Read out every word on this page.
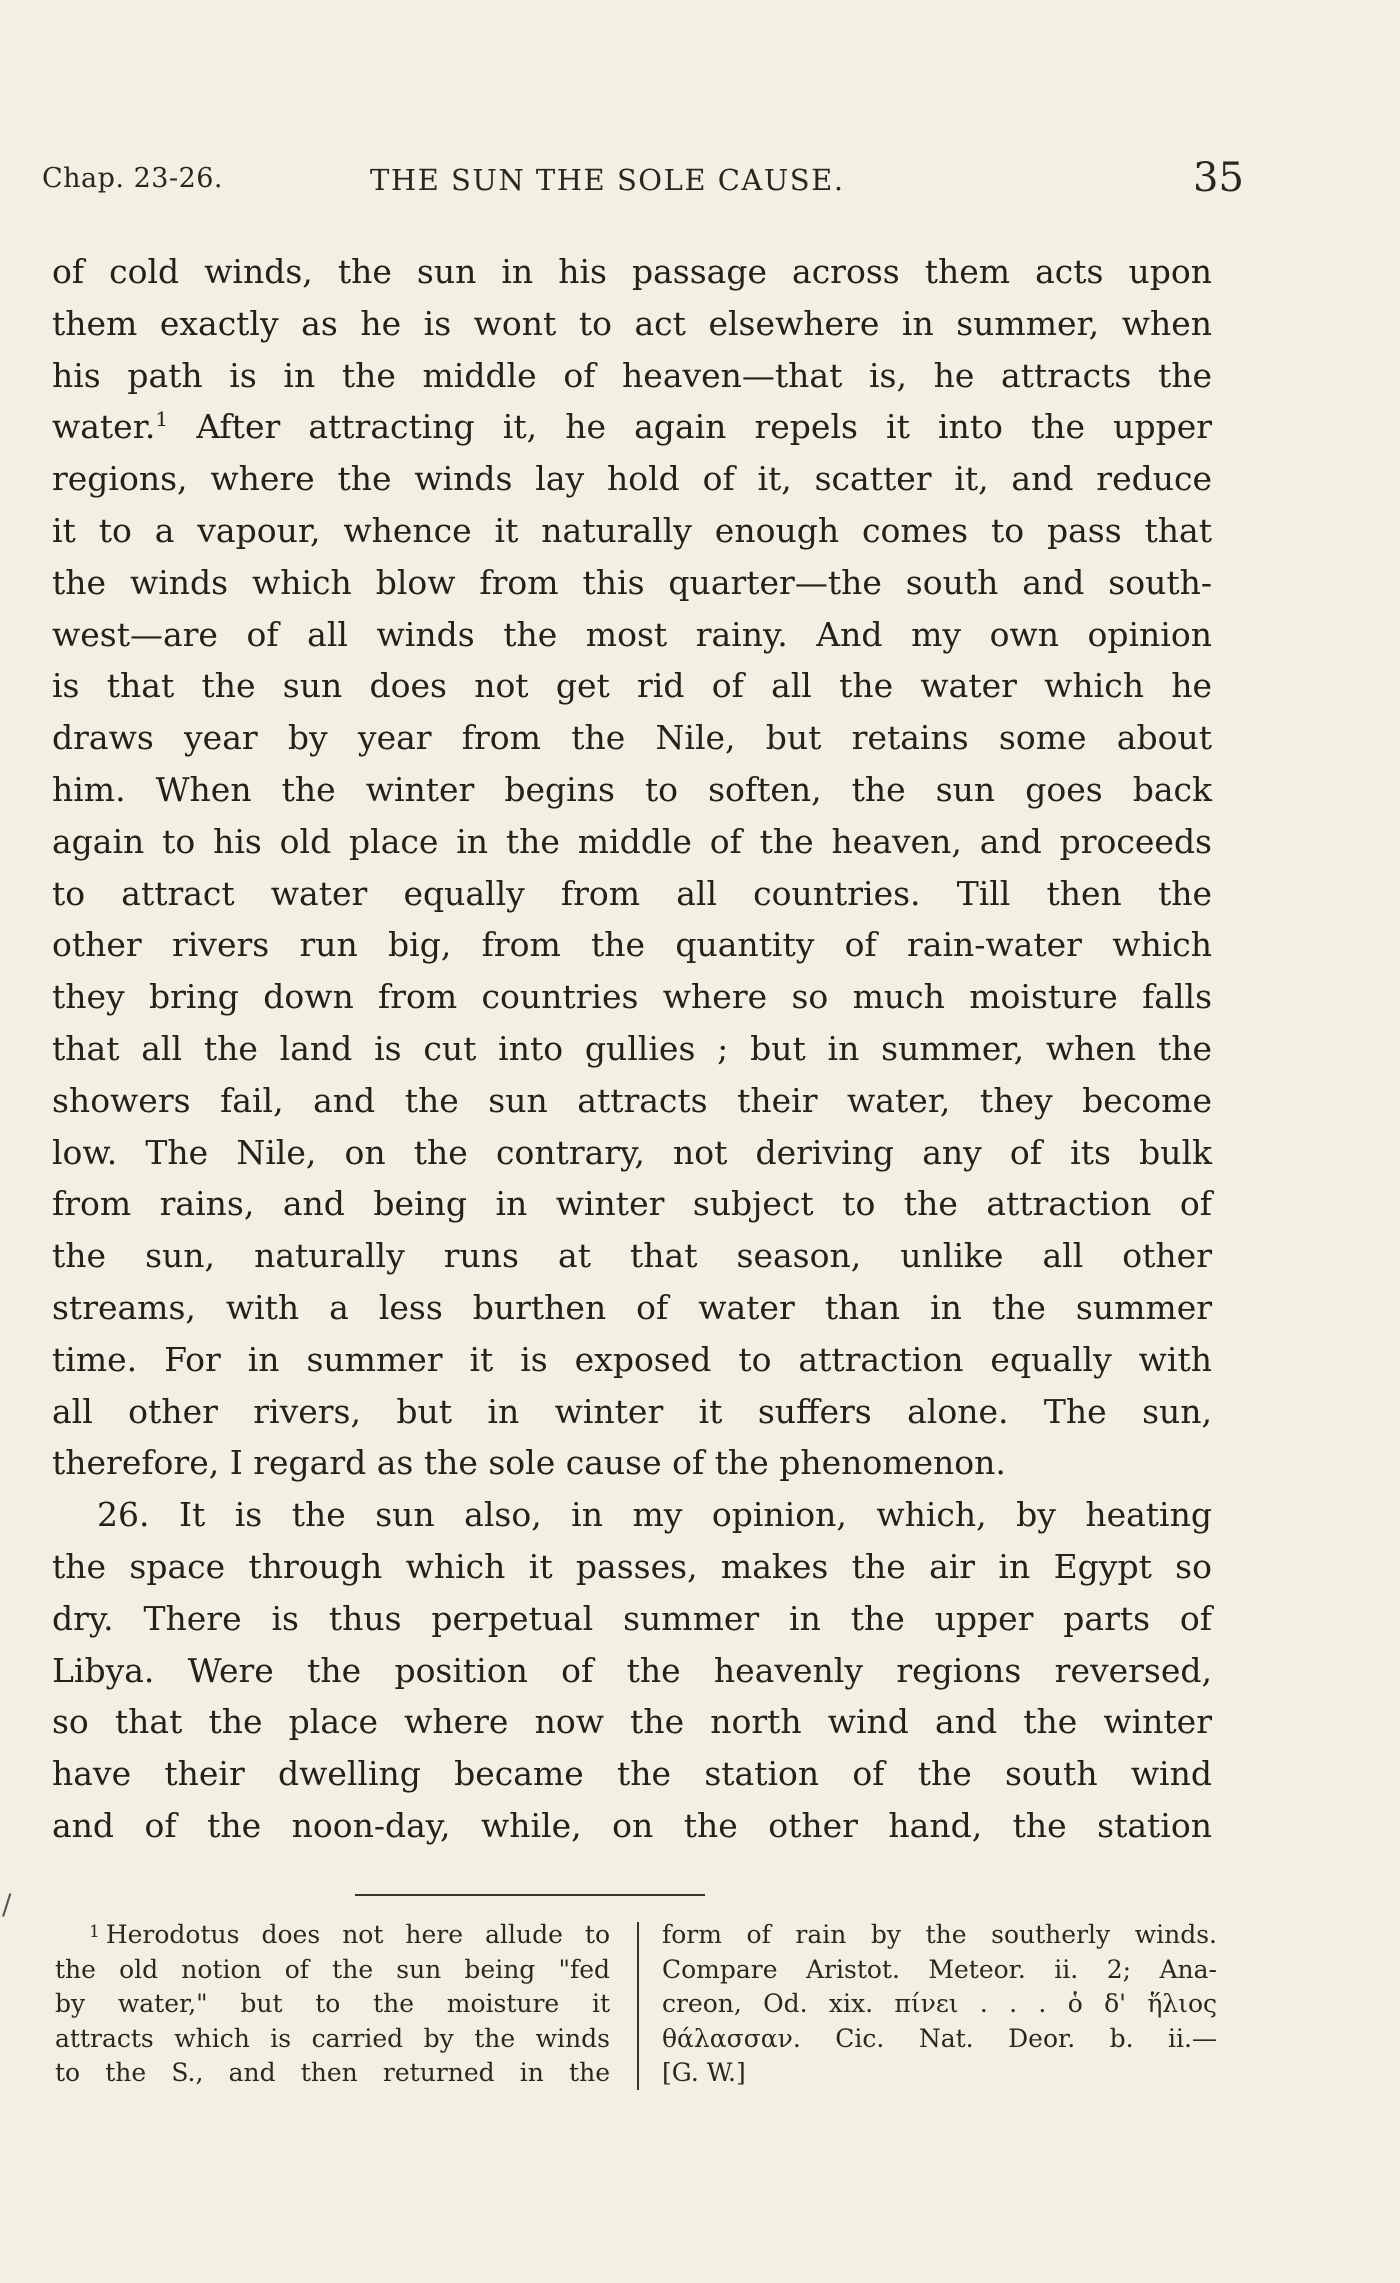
Chap. 23-26.	THE SUN THE SOLE CAUSE.	35
of cold winds, the sun in his passage across them acts upon
them exactly as he is wont to act elsewhere in summer, when
his path is in the middle of heaven—that is, he attracts the
water.$^1$ After attracting it, he again repels it into the upper
regions, where the winds lay hold of it, scatter it, and reduce
it to a vapour, whence it naturally enough comes to pass that
the winds which blow from this quarter—the south and south-
west—are of all winds the most rainy. And my own opinion
is that the sun does not get rid of all the water which he
draws year by year from the Nile, but retains some about
him. When the winter begins to soften, the sun goes back
again to his old place in the middle of the heaven, and proceeds
to attract water equally from all countries. Till then the
other rivers run big, from the quantity of rain-water which
they bring down from countries where so much moisture falls
that all the land is cut into gullies ; but in summer, when the
showers fail, and the sun attracts their water, they become
low. The Nile, on the contrary, not deriving any of its bulk
from rains, and being in winter subject to the attraction of
the sun, naturally runs at that season, unlike all other
streams, with a less burthen of water than in the summer
time. For in summer it is exposed to attraction equally with
all other rivers, but in winter it suffers alone. The sun,
therefore, I regard as the sole cause of the phenomenon.
26. It is the sun also, in my opinion, which, by heating
the space through which it passes, makes the air in Egypt so
dry. There is thus perpetual summer in the upper parts of
Libya. Were the position of the heavenly regions reversed,
so that the place where now the north wind and the winter
have their dwelling became the station of the south wind
and of the noon-day, while, on the other hand, the station
/
$^1$ Herodotus does not here allude to
the old notion of the sun being "fed
by water," but to the moisture it
attracts which is carried by the winds
to the S., and then returned in the
form of rain by the southerly winds.
Compare Aristot. Meteor. ii. 2; Ana-
creon, Od. xix. πίνει . . . ὁ δ' ἥλιος
θάλασσαν. Cic. Nat. Deor. b. ii.—
[G. W.]
